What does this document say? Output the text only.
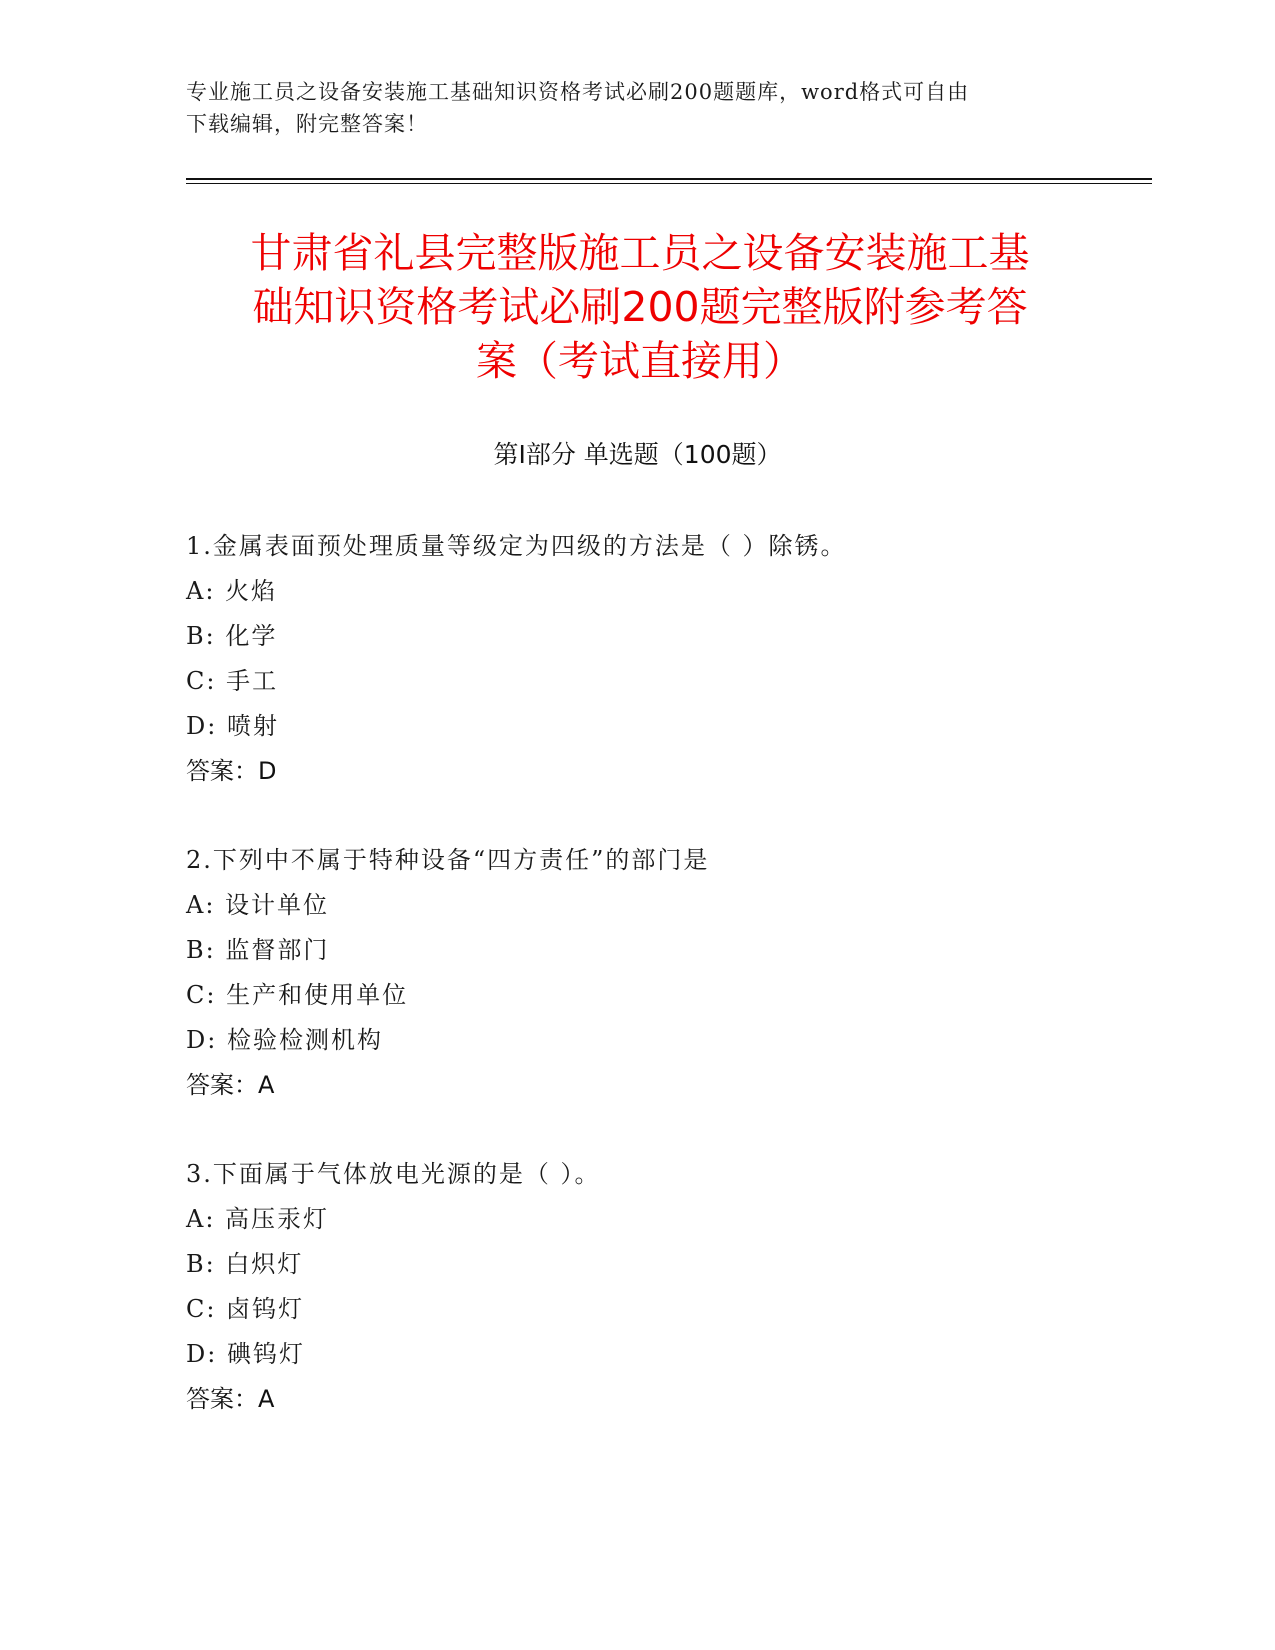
专业施工员之设备安装施工基础知识资格考试必刷200题题库，word格式可自由
下载编辑，附完整答案！
甘肃省礼县完整版施工员之设备安装施工基
础知识资格考试必刷200题完整版附参考答
案（考试直接用）
第Ⅰ部分 单选题（100题）
1.金属表面预处理质量等级定为四级的方法是（ ）除锈。
A: 火焰
B: 化学
C: 手工
D: 喷射
答案：D
2.下列中不属于特种设备“四方责任”的部门是
A: 设计单位
B: 监督部门
C: 生产和使用单位
D: 检验检测机构
答案：A
3.下面属于气体放电光源的是（ ）。
A: 高压汞灯
B: 白炽灯
C: 卤钨灯
D: 碘钨灯
答案：A
